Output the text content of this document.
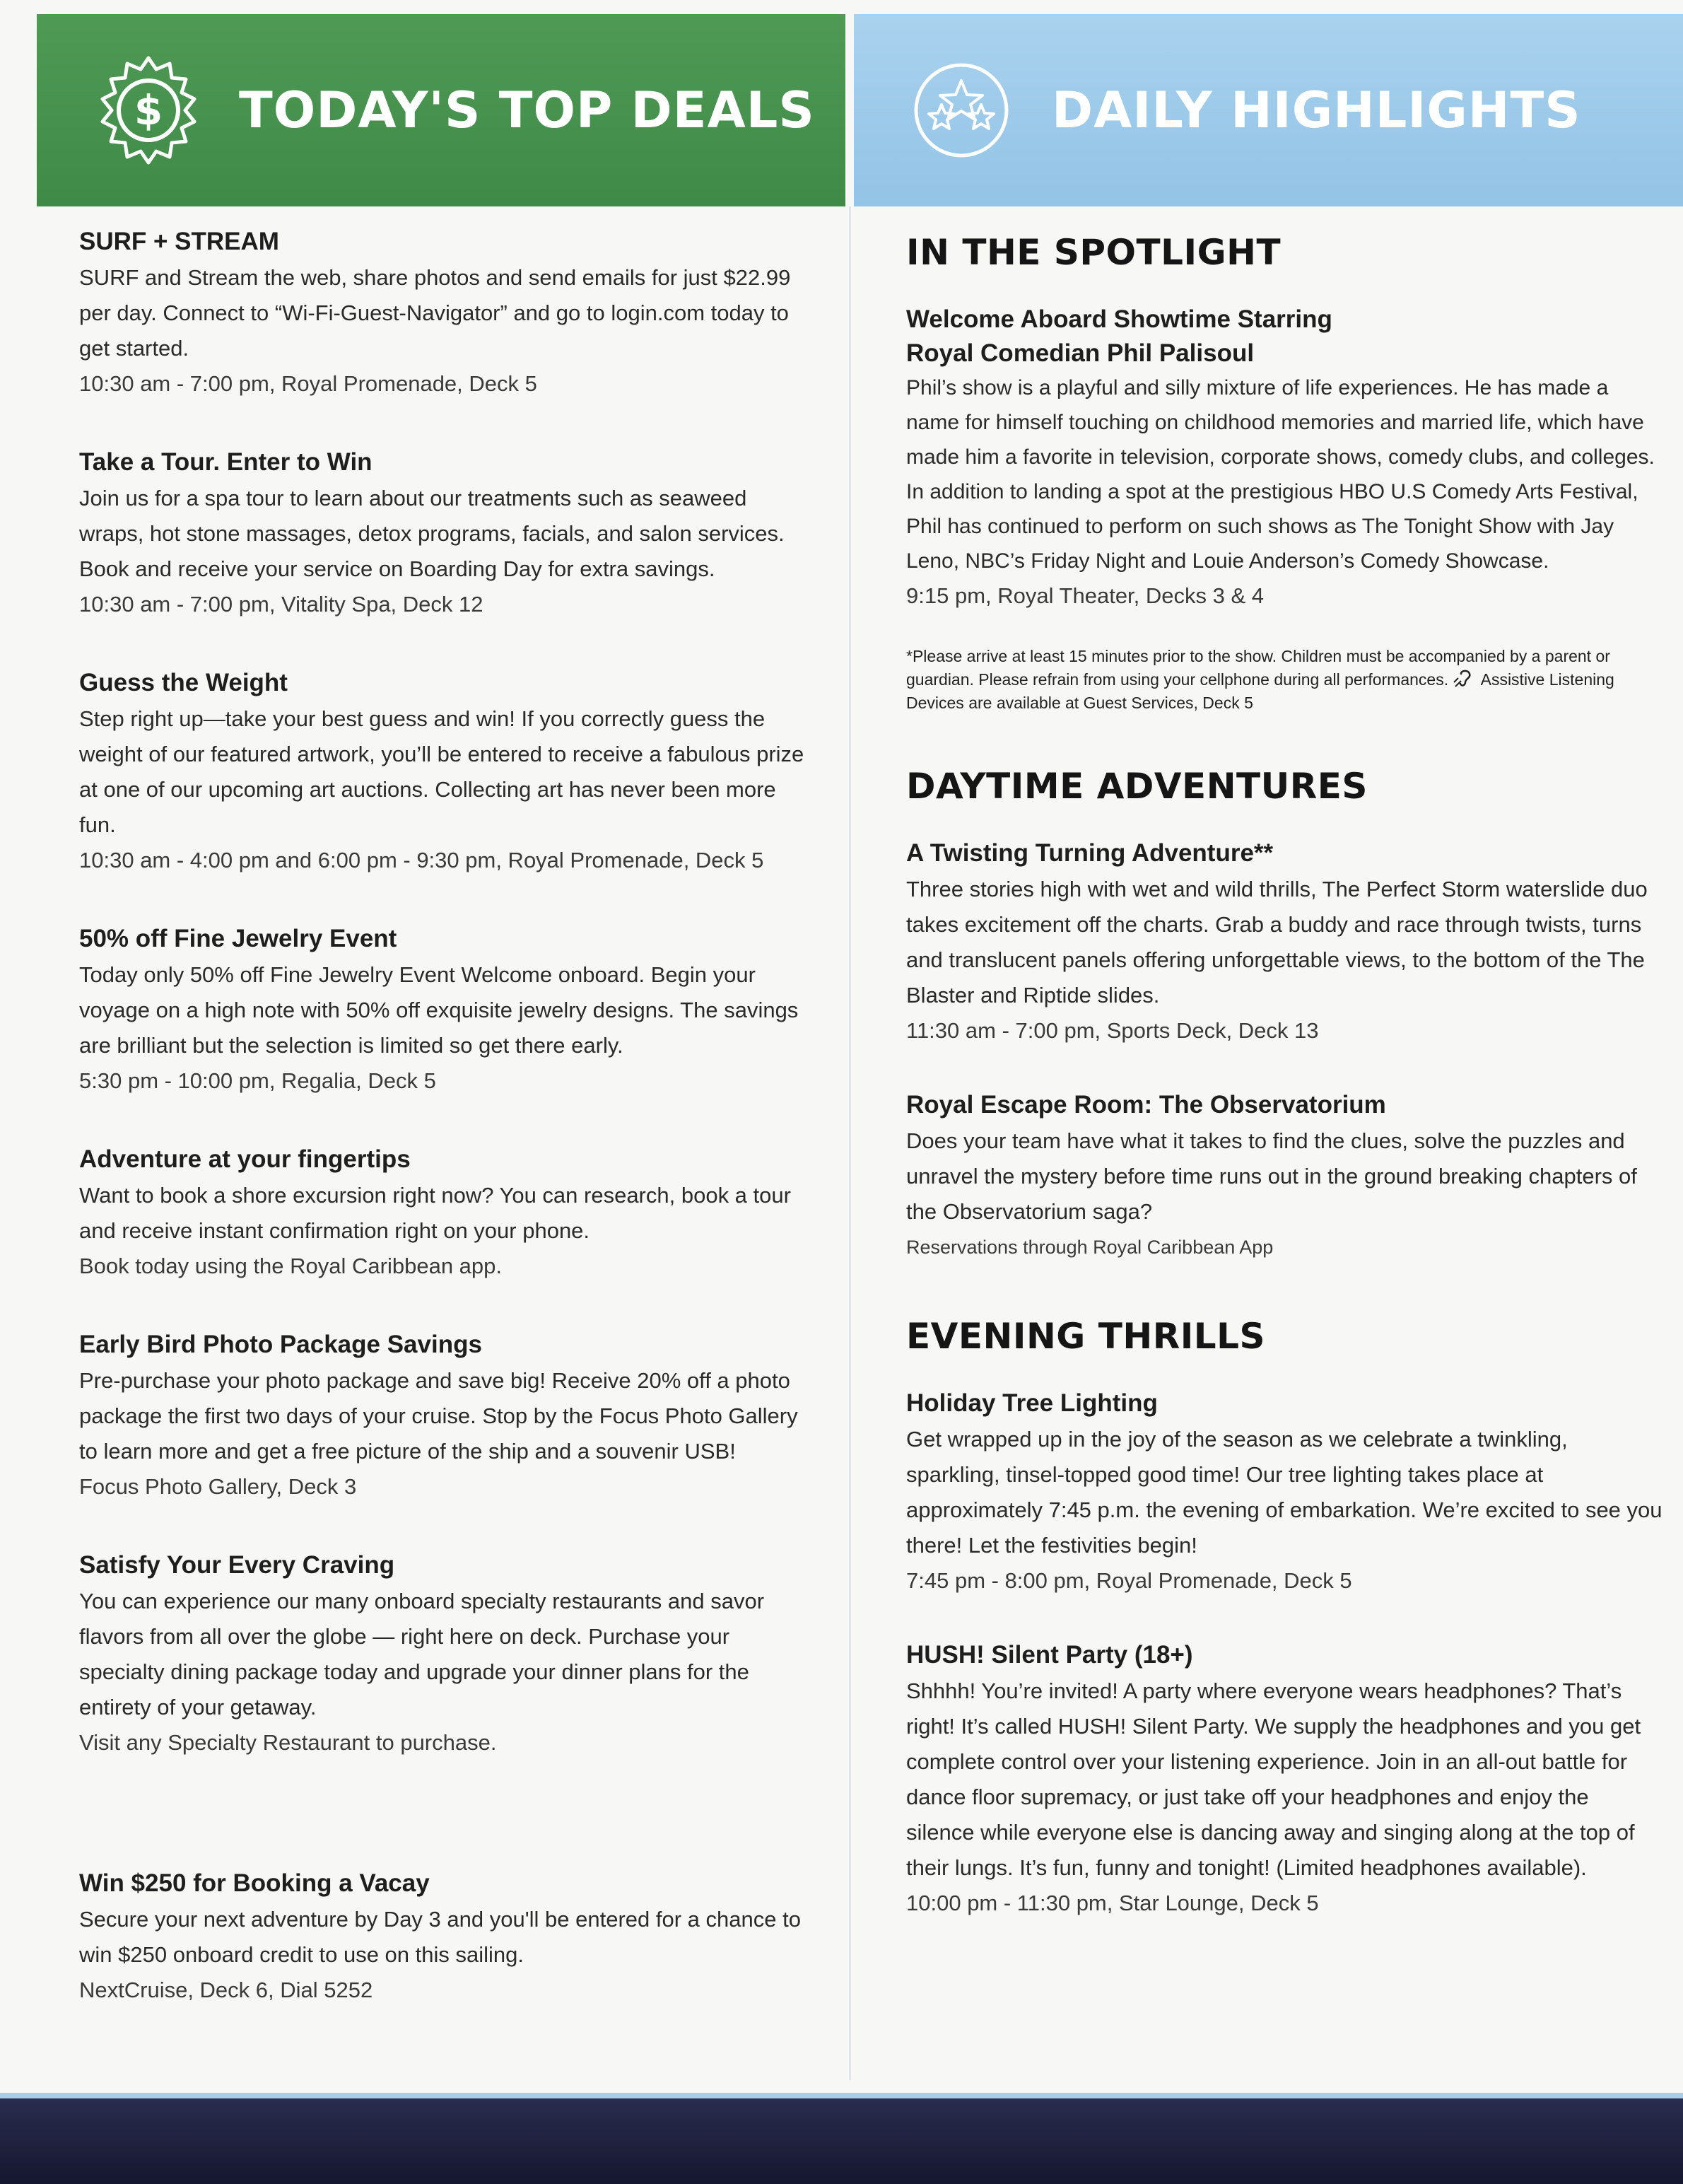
$ TODAY'S TOP DEALS	DAILY HIGHLIGHTS

SURF + STREAM

SURF and Stream the web, share photos and send emails for just $22.99 per day. Connect to “Wi-Fi-Guest-Navigator” and go to login.com today to get started.

10:30 am - 7:00 pm, Royal Promenade, Deck 5

Take a Tour. Enter to Win

Join us for a spa tour to learn about our treatments such as seaweed wraps, hot stone massages, detox programs, facials, and salon services. Book and receive your service on Boarding Day for extra savings.

10:30 am - 7:00 pm, Vitality Spa, Deck 12

Guess the Weight

Step right up—take your best guess and win! If you correctly guess the weight of our featured artwork, you’ll be entered to receive a fabulous prize at one of our upcoming art auctions. Collecting art has never been more fun.

10:30 am - 4:00 pm and 6:00 pm - 9:30 pm, Royal Promenade, Deck 5

50% off Fine Jewelry Event

Today only 50% off Fine Jewelry Event Welcome onboard. Begin your voyage on a high note with 50% off exquisite jewelry designs. The savings are brilliant but the selection is limited so get there early.

5:30 pm - 10:00 pm, Regalia, Deck 5

Adventure at your fingertips

Want to book a shore excursion right now? You can research, book a tour and receive instant confirmation right on your phone.

Book today using the Royal Caribbean app.

Early Bird Photo Package Savings

Pre-purchase your photo package and save big! Receive 20% off a photo package the first two days of your cruise. Stop by the Focus Photo Gallery to learn more and get a free picture of the ship and a souvenir USB!

Focus Photo Gallery, Deck 3

Satisfy Your Every Craving

You can experience our many onboard specialty restaurants and savor flavors from all over the globe — right here on deck. Purchase your specialty dining package today and upgrade your dinner plans for the entirety of your getaway.

Visit any Specialty Restaurant to purchase.

Win $250 for Booking a Vacay

Secure your next adventure by Day 3 and you'll be entered for a chance to win $250 onboard credit to use on this sailing.

NextCruise, Deck 6, Dial 5252

IN THE SPOTLIGHT

Welcome Aboard Showtime Starring

Royal Comedian Phil Palisoul

Phil’s show is a playful and silly mixture of life experiences. He has made a name for himself touching on childhood memories and married life, which have made him a favorite in television, corporate shows, comedy clubs, and colleges. In addition to landing a spot at the prestigious HBO U.S Comedy Arts Festival, Phil has continued to perform on such shows as The Tonight Show with Jay Leno, NBC’s Friday Night and Louie Anderson’s Comedy Showcase.

9:15 pm, Royal Theater, Decks 3 & 4

*Please arrive at least 15 minutes prior to the show. Children must be accompanied by a parent or guardian. Please refrain from using your cellphone during all performances. Assistive Listening Devices are available at Guest Services, Deck 5
DAYTIME ADVENTURES

A Twisting Turning Adventure**

Three stories high with wet and wild thrills, The Perfect Storm waterslide duo takes excitement off the charts. Grab a buddy and race through twists, turns and translucent panels offering unforgettable views, to the bottom of the The Blaster and Riptide slides.

11:30 am - 7:00 pm, Sports Deck, Deck 13

Royal Escape Room: The Observatorium

Does your team have what it takes to find the clues, solve the puzzles and unravel the mystery before time runs out in the ground breaking chapters of the Observatorium saga?

Reservations through Royal Caribbean App

EVENING THRILLS

Holiday Tree Lighting

Get wrapped up in the joy of the season as we celebrate a twinkling, sparkling, tinsel-topped good time! Our tree lighting takes place at approximately 7:45 p.m. the evening of embarkation. We’re excited to see you there! Let the festivities begin!

7:45 pm - 8:00 pm, Royal Promenade, Deck 5

HUSH! Silent Party (18+)

Shhhh! You’re invited! A party where everyone wears headphones? That’s right! It’s called HUSH! Silent Party. We supply the headphones and you get complete control over your listening experience. Join in an all-out battle for dance floor supremacy, or just take off your headphones and enjoy the silence while everyone else is dancing away and singing along at the top of their lungs. It’s fun, funny and tonight! (Limited headphones available).

10:00 pm - 11:30 pm, Star Lounge, Deck 5
